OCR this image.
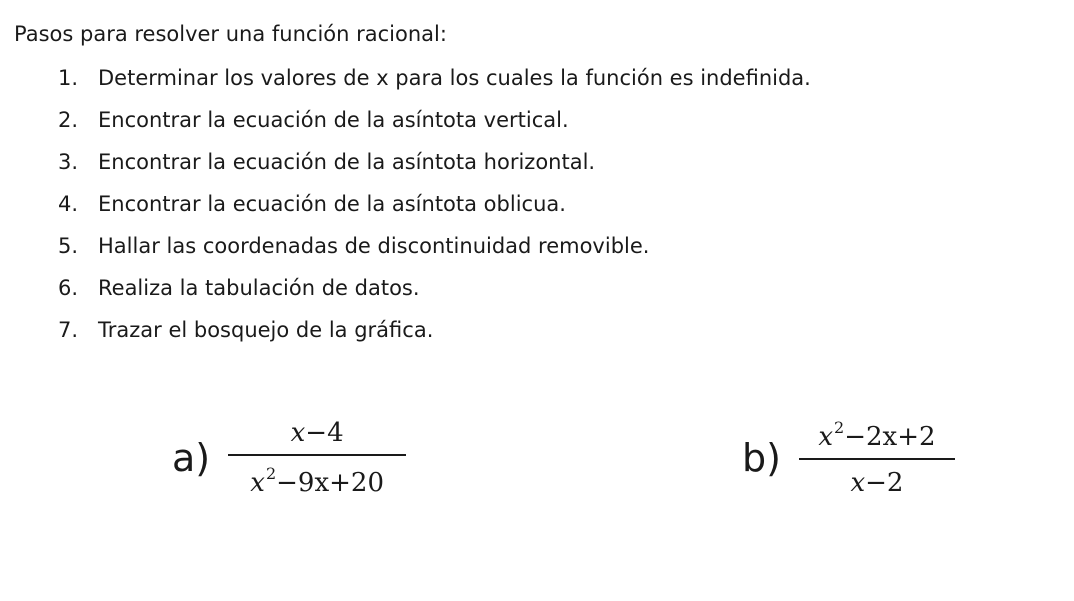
Pasos para resolver una función racional:
1. Determinar los valores de x para los cuales la función es indefinida.
2. Encontrar la ecuación de la asíntota vertical.
3. Encontrar la ecuación de la asíntota horizontal.
4. Encontrar la ecuación de la asíntota oblicua.
5. Hallar las coordenadas de discontinuidad removible.
6. Realiza la tabulación de datos.
7. Trazar el bosquejo de la gráfica.
$a) \frac{x-4}{x^2-9x+20}$	$b) \frac{x^2-2x+2}{x-2}$
